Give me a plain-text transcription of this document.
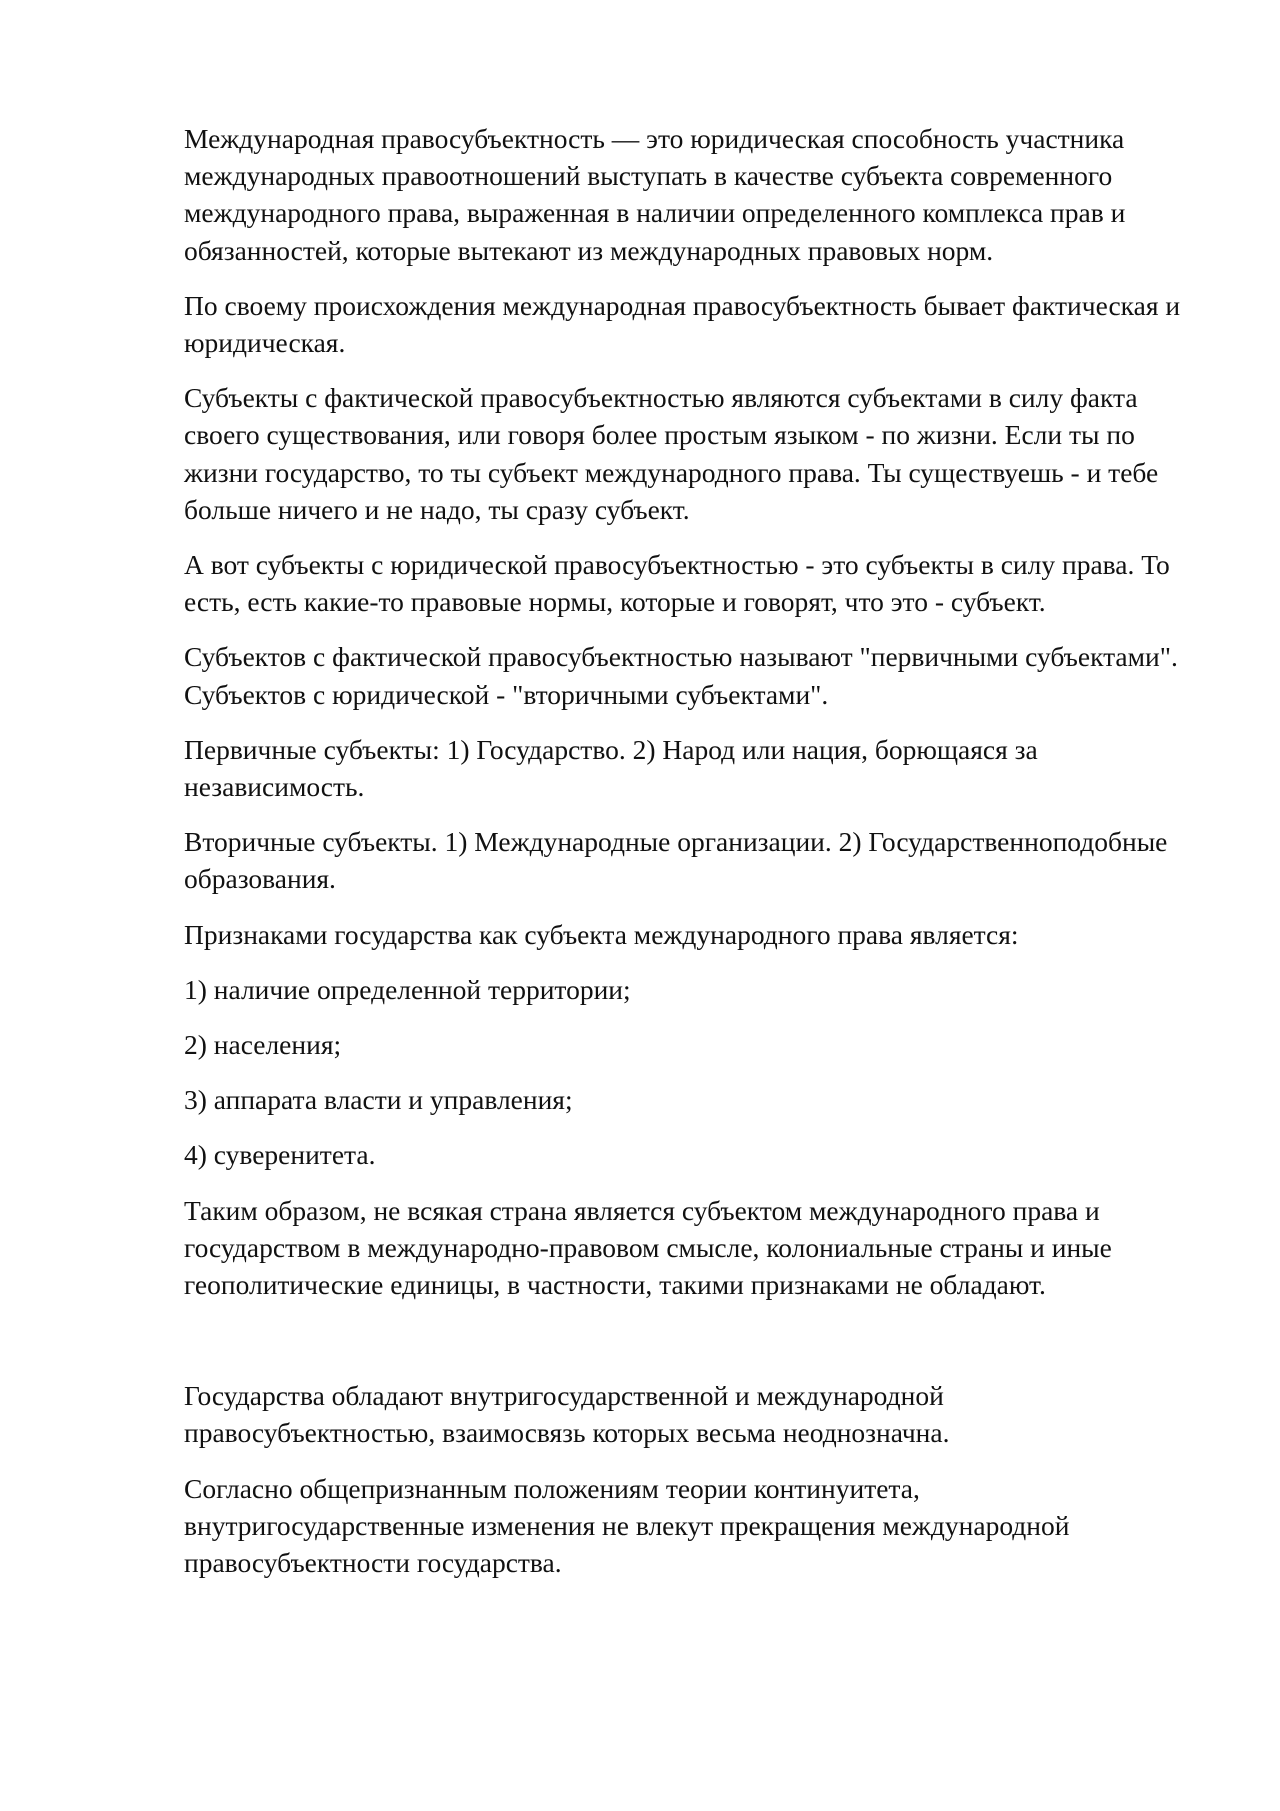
Международная правосубъектность — это юридическая способность участника международных правоотношений выступать в качестве субъекта современного международного права, выраженная в наличии определенного комплекса прав и обязанностей, которые вытекают из международных правовых норм.

По своему происхождения международная правосубъектность бывает фактическая и юридическая.

Субъекты с фактической правосубъектностью являются субъектами в силу факта своего существования, или говоря более простым языком - по жизни. Если ты по жизни государство, то ты субъект международного права. Ты существуешь - и тебе больше ничего и не надо, ты сразу субъект.

А вот субъекты с юридической правосубъектностью - это субъекты в силу права. То есть, есть какие-то правовые нормы, которые и говорят, что это - субъект.

Субъектов с фактической правосубъектностью называют "первичными субъектами". Субъектов с юридической - "вторичными субъектами".

Первичные субъекты: 1) Государство. 2) Народ или нация, борющаяся за независимость.

Вторичные субъекты. 1) Международные организации. 2) Государственноподобные образования.

Признаками государства как субъекта международного права является:

1) наличие определенной территории;

2) населения;

3) аппарата власти и управления;

4) суверенитета.

Таким образом, не всякая страна является субъектом международного права и государством в международно-правовом смысле, колониальные страны и иные геополитические единицы, в частности, такими признаками не обладают.

Государства обладают внутригосударственной и международной правосубъектностью, взаимосвязь которых весьма неоднозначна.

Согласно общепризнанным положениям теории континуитета, внутригосударственные изменения не влекут прекращения международной правосубъектности государства.
